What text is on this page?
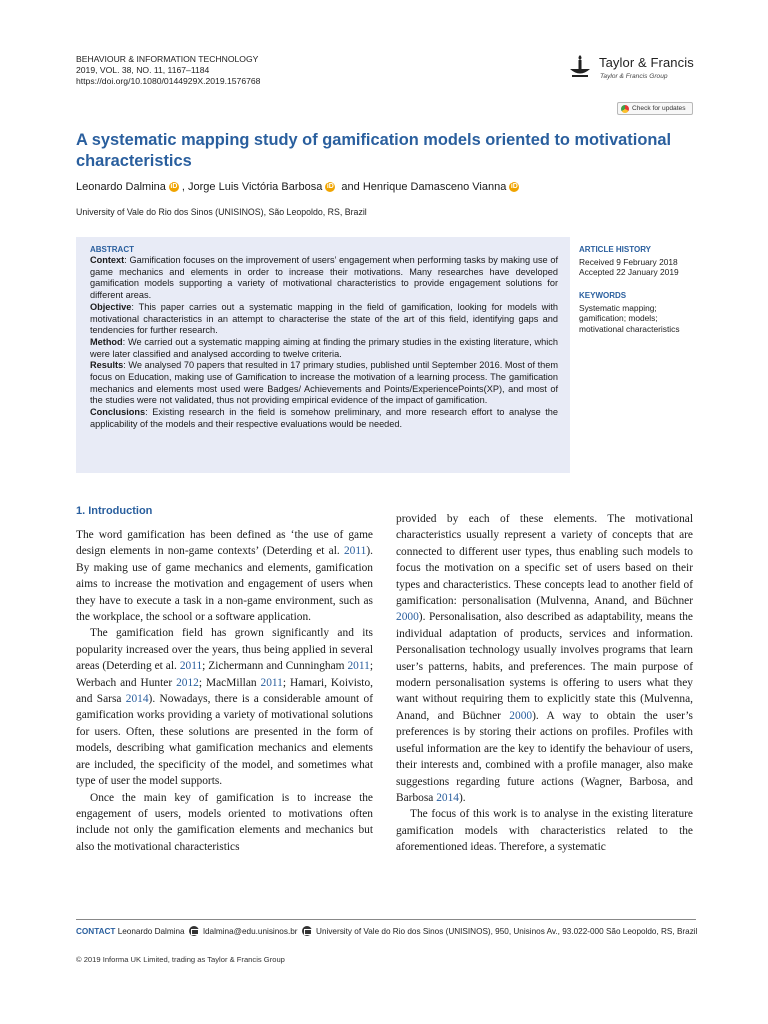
BEHAVIOUR & INFORMATION TECHNOLOGY
2019, VOL. 38, NO. 11, 1167–1184
https://doi.org/10.1080/0144929X.2019.1576768
Taylor & Francis
Taylor & Francis Group
Check for updates
A systematic mapping study of gamification models oriented to motivational characteristics
Leonardo Dalmina iD , Jorge Luis Victória Barbosa iD and Henrique Damasceno Vianna iD
University of Vale do Rio dos Sinos (UNISINOS), São Leopoldo, RS, Brazil
ABSTRACT

Context: Gamification focuses on the improvement of users’ engagement when performing tasks by making use of game mechanics and elements in order to increase their motivations. Many researches have developed gamification models supporting a variety of motivational characteristics to provide engagement solutions for different areas.

Objective: This paper carries out a systematic mapping in the field of gamification, looking for models with motivational characteristics in an attempt to characterise the state of the art of this field, identifying gaps and tendencies for further research.

Method: We carried out a systematic mapping aiming at finding the primary studies in the existing literature, which were later classified and analysed according to twelve criteria.

Results: We analysed 70 papers that resulted in 17 primary studies, published until September 2016. Most of them focus on Education, making use of Gamification to increase the motivation of a learning process. The gamification mechanics and elements most used were Badges/ Achievements and Points/ExperiencePoints(XP), and most of the studies were not validated, thus not providing empirical evidence of the impact of gamification.

Conclusions: Existing research in the field is somehow preliminary, and more research effort to analyse the applicability of the models and their respective evaluations would be needed.

ARTICLE HISTORY
Received 9 February 2018
Accepted 22 January 2019
KEYWORDS
Systematic mapping; gamification; models; motivational characteristics
1. Introduction

The word gamification has been defined as ‘the use of game design elements in non-game contexts’ (Deterding et al. 2011). By making use of game mechanics and elements, gamification aims to increase the motivation and engagement of users when they have to execute a task in a non-game environment, such as the workplace, the school or a software application.

The gamification field has grown significantly and its popularity increased over the years, thus being applied in several areas (Deterding et al. 2011; Zichermann and Cunningham 2011; Werbach and Hunter 2012; MacMillan 2011; Hamari, Koivisto, and Sarsa 2014). Nowadays, there is a considerable amount of gamification works providing a variety of motivational solutions for users. Often, these solutions are presented in the form of models, describing what gamification mechanics and elements are included, the specificity of the model, and sometimes what type of user the model supports.

Once the main key of gamification is to increase the engagement of users, models oriented to motivations often include not only the gamification elements and mechanics but also the motivational characteristics

provided by each of these elements. The motivational characteristics usually represent a variety of concepts that are connected to different user types, thus enabling such models to focus the motivation on a specific set of users based on their types and characteristics. These concepts lead to another field of gamification: personalisation (Mulvenna, Anand, and Büchner 2000). Personalisation, also described as adaptability, means the individual adaptation of products, services and information. Personalisation technology usually involves programs that learn user’s patterns, habits, and preferences. The main purpose of modern personalisation systems is offering to users what they want without requiring them to explicitly state this (Mulvenna, Anand, and Büchner 2000). A way to obtain the user’s preferences is by storing their actions on profiles. Profiles with useful information are the key to identify the behaviour of users, their interests and, combined with a profile manager, also make suggestions regarding future actions (Wagner, Barbosa, and Barbosa 2014).

The focus of this work is to analyse in the existing literature gamification models with characteristics related to the aforementioned ideas. Therefore, a systematic

CONTACT Leonardo Dalmina  ldalmina@edu.unisinos.br  University of Vale do Rio dos Sinos (UNISINOS), 950, Unisinos Av., 93.022-000 São Leopoldo, RS, Brazil
© 2019 Informa UK Limited, trading as Taylor & Francis Group
